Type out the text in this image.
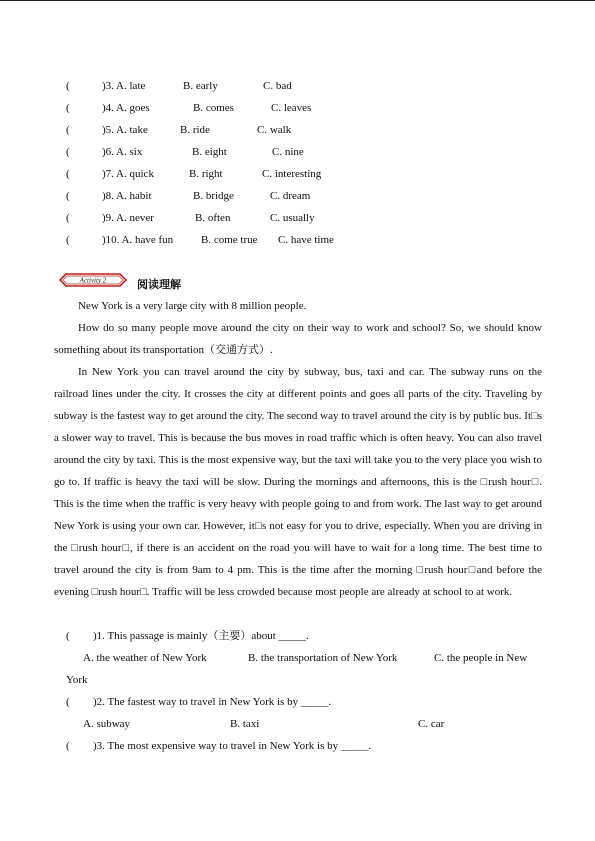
(	)3. A. late	B. early	C. bad
(	)4. A. goes	B. comes	C. leaves
(	)5. A. take	B. ride	C. walk
(	)6. A. six	B. eight	C. nine
(	)7. A. quick	B. right	C. interesting
(	)8. A. habit	B. bridge	C. dream
(	)9. A. never	B. often	C. usually
(	)10. A. have fun	B. come true C. have time
Activity 2	阅读理解

New York is a very large city with 8 million people.

How do so many people move around the city on their way to work and school? So, we should know something about its transportation（交通方式）.

In New York you can travel around the city by subway, bus, taxi and car. The subway runs on the railroad lines under the city. It crosses the city at different points and goes all parts of the city. Traveling by subway is the fastest way to get around the city. The second way to travel around the city is by public bus. It□s a slower way to travel. This is because the bus moves in road traffic which is often heavy. You can also travel around the city by taxi. This is the most expensive way, but the taxi will take you to the very place you wish to go to. If traffic is heavy the taxi will be slow. During the mornings and afternoons, this is the □rush hour□. This is the time when the traffic is very heavy with people going to and from work. The last way to get around New York is using your own car. However, it□s not easy for you to drive, especially. When you are driving in the □rush hour□, if there is an accident on the road you will have to wait for a long time. The best time to travel around the city is from 9am to 4 pm. This is the time after the morning □rush hour□and before the evening □rush hour□. Traffic will be less crowded because most people are already at school to at work.

( )1. This passage is mainly（主要）about _____.
A. the weather of New York	B. the transportation of New York	C. the people in New
York
( )2. The fastest way to travel in New York is by _____.
A. subway	B. taxi	C. car
( )3. The most expensive way to travel in New York is by _____.
